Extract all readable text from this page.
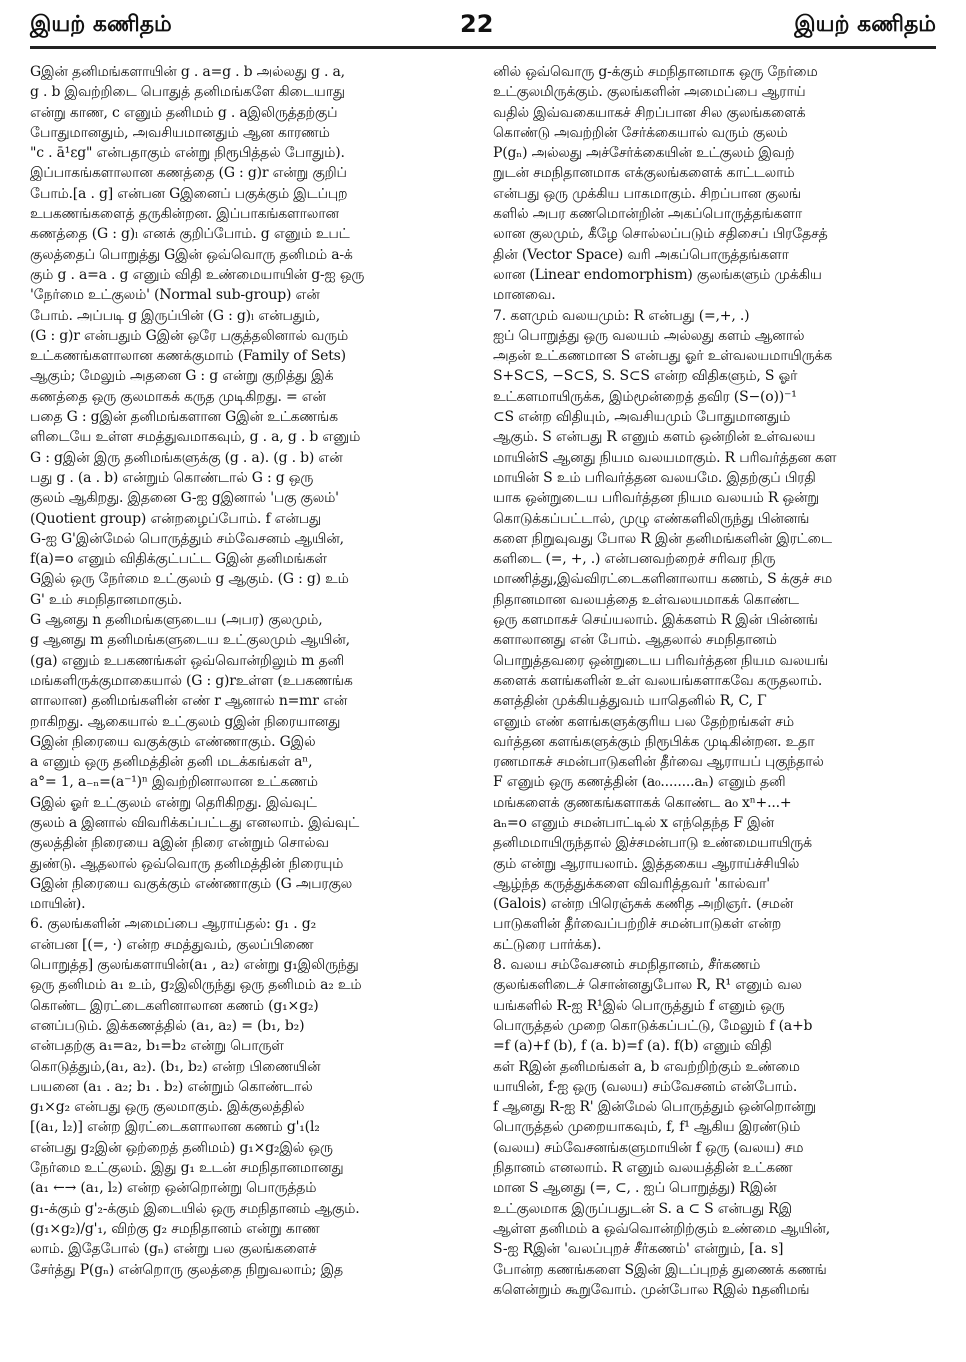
இயற் கணிதம்	22	இயற் கணிதம்
Gஇன் தனிமங்களாயின் g . a=g . b அல்லது g . a,
g . b இவற்றிடை பொதுத் தனிமங்களே கிடையாது
என்று காண, c எனும் தனிமம் g . aஇலிருத்தற்குப்
போதுமானதும், அவசியமானதும் ஆன காரணம்
"c . ā¹εg" என்பதாகும் என்று நிரூபித்தல் போதும்).
இப்பாகங்களாலான கணத்தை (G : g)r என்று குறிப்
போம்.[a . g] என்பன Gஇனைப் பகுக்கும் இடப்புற
உபகணங்களைத் தருகின்றன. இப்பாகங்களாலான
கணத்தை (G : g)ₗ எனக் குறிப்போம். g எனும் உபட்
குலத்தைப் பொறுத்து Gஇன் ஒவ்வொரு தனிமம் a-க்
கும் g . a=a . g எனும் விதி உண்மையாயின் g-ஐ ஒரு
'நேர்மை உட்குலம்' (Normal sub-group) என்
போம். அப்படி g இருப்பின் (G : g)ₗ என்பதும்,
(G : g)r என்பதும் Gஇன் ஒரே பகுத்தலினால் வரும்
உட்கணங்களாலான கணக்குமாம் (Family of Sets)
ஆகும்; மேலும் அதனை G : g என்று குறித்து இக்
கணத்தை ஒரு குலமாகக் கருத முடிகிறது. = என்
பதை G : gஇன் தனிமங்களான Gஇன் உட்கணங்க
ளிடையே உள்ள சமத்துவமாகவும், g . a, g . b எனும்
G : gஇன் இரு தனிமங்களுக்கு (g . a). (g . b) என்
பது g . (a . b) என்றும் கொண்டால் G : g ஒரு
குலம் ஆகிறது. இதனை G-ஐ gஇனால் 'பகு குலம்'
(Quotient group) என்றழைப்போம். f என்பது
G-ஐ G'இன்மேல் பொருத்தும் சம்வேசனம் ஆயின்,
f(a)=o எனும் விதிக்குட்பட்ட Gஇன் தனிமங்கள்
Gஇல் ஒரு நேர்மை உட்குலம் g ஆகும். (G : g) உம்
G' உம் சமநிதானமாகும்.
G ஆனது n தனிமங்களுடைய (அபர) குலமும்,
g ஆனது m தனிமங்களுடைய உட்குலமும் ஆயின்,
(ga) எனும் உபகணங்கள் ஒவ்வொன்றிலும் m தனி
மங்களிருக்குமாகையால் (G : g)rஉள்ள (உபகணங்க
ளாலான) தனிமங்களின் எண் r ஆனால் n=mr என்
றாகிறது. ஆகையால் உட்குலம் gஇன் நிரையானது
Gஇன் நிரையை வகுக்கும் எண்ணாகும். Gஇல்
a எனும் ஒரு தனிமத்தின் தனி மடக்கங்கள் aⁿ,
a°= 1, a₋ₙ=(a⁻¹)ⁿ இவற்றினாலான உட்கணம்
Gஇல் ஓர் உட்குலம் என்று தெரிகிறது. இவ்வுட்
குலம் a இனால் விவரிக்கப்பட்டது எனலாம். இவ்வுட்
குலத்தின் நிரையை aஇன் நிரை என்றும் சொல்வ
துண்டு. ஆதலால் ஒவ்வொரு தனிமத்தின் நிரையும்
Gஇன் நிரையை வகுக்கும் எண்ணாகும் (G அபரகுல
மாயின்).
6. குலங்களின் அமைப்பை ஆராய்தல்: g₁ . g₂
என்பன [(=, ·) என்ற சமத்துவம், குலப்பிணை
பொறுத்த] குலங்களாயின்(a₁ , a₂) என்று g₁இலிருந்து
ஒரு தனிமம் a₁ உம், g₂இலிருந்து ஒரு தனிமம் a₂ உம்
கொண்ட இரட்டைகளினாலான கணம் (g₁×g₂)
எனப்படும். இக்கணத்தில் (a₁, a₂) = (b₁, b₂)
என்பதற்கு a₁=a₂, b₁=b₂ என்று பொருள்
கொடுத்தும்,(a₁, a₂). (b₁, b₂) என்ற பிணையின்
பயனை (a₁ . a₂; b₁ . b₂) என்றும் கொண்டால்
g₁×g₂ என்பது ஒரு குலமாகும். இக்குலத்தில்
[(a₁, l₂)] என்ற இரட்டைகளாலான கணம் g'₁(l₂
என்பது g₂இன் ஒற்றைத் தனிமம்) g₁×g₂இல் ஒரு
நேர்மை உட்குலம். இது g₁ உடன் சமநிதானமானது
(a₁ ←→ (a₁, l₂) என்ற ஒன்றொன்று பொருத்தம்
g₁-க்கும் g'₂-க்கும் இடையில் ஒரு சமநிதானம் ஆகும்.
(g₁×g₂)/g'₁, விற்கு g₂ சமநிதானம் என்று காண
லாம். இதேபோல் (gₙ) என்று பல குலங்களைச்
சேர்த்து P(gₙ) என்றொரு குலத்தை நிறுவலாம்; இத
னில் ஒவ்வொரு g-க்கும் சமநிதானமாக ஒரு நேர்மை
உட்குலமிருக்கும். குலங்களின் அமைப்பை ஆராய்
வதில் இவ்வகையாகச் சிறப்பான சில குலங்களைக்
கொண்டு அவற்றின் சேர்க்கையால் வரும் குலம்
P(gₙ) அல்லது அச்சேர்க்கையின் உட்குலம் இவற்
றுடன் சமநிதானமாக எக்குலங்களைக் காட்டலாம்
என்பது ஒரு முக்கிய பாகமாகும். சிறப்பான குலங்
களில் அபர கணமொன்றின் அகப்பொருத்தங்களா
லான குலமும், கீழே சொல்லப்படும் சதிசைப் பிரதேசத்
தின் (Vector Space) வரி அகப்பொருத்தங்களா
லான (Linear endomorphism) குலங்களும் முக்கிய
மானவை.
7. களமும் வலயமும்: R என்பது (=,+, .)
ஐப் பொறுத்து ஒரு வலயம் அல்லது களம் ஆனால்
அதன் உட்கணமான S என்பது ஓர் உள்வலயமாயிருக்க
S+S⊂S, −S⊂S, S. S⊂S என்ற விதிகளும், S ஓர்
உட்களமாயிருக்க, இம்மூன்றைத் தவிர (S−(o))⁻¹
⊂S என்ற விதியும், அவசியமும் போதுமானதும்
ஆகும். S என்பது R எனும் களம் ஒன்றின் உள்வலய
மாயின்S ஆனது நியம வலயமாகும். R பரிவர்த்தன கள
மாயின் S உம் பரிவர்த்தன வலயமே. இதற்குப் பிரதி
யாக ஒன்றுடைய பரிவர்த்தன நியம வலயம் R ஒன்று
கொடுக்கப்பட்டால், முழு எண்களிலிருந்து பின்னங்
களை நிறுவுவது போல R இன் தனிமங்களின் இரட்டை
களிடை (=, +, .) என்பனவற்றைச் சரிவர நிரு
மாணித்து,இவ்விரட்டைகளினாலாய கணம், S க்குச் சம
நிதானமான வலயத்தை உள்வலயமாகக் கொண்ட
ஒரு களமாகச் செய்யலாம். இக்களம் R இன் பின்னங்
களாலானது என் போம். ஆதலால் சமநிதானம்
பொறுத்தவரை ஒன்றுடைய பரிவர்த்தன நியம வலயங்
களைக் களங்களின் உள் வலயங்களாகவே கருதலாம்.
களத்தின் முக்கியத்துவம் யாதெனில் R, C, Γ
எனும் எண் களங்களுக்குரிய பல தேற்றங்கள் சம்
வர்த்தன களங்களுக்கும் நிரூபிக்க முடிகின்றன. உதா
ரணமாகச் சமன்பாடுகளின் தீர்வை ஆராயப் புகுந்தால்
F எனும் ஒரு கணத்தின் (a₀........aₙ) எனும் தனி
மங்களைக் குணகங்களாகக் கொண்ட a₀ xⁿ+...+
aₙ=o எனும் சமன்பாட்டில் x எந்தெந்த F இன்
தனிமமாயிருந்தால் இச்சமன்பாடு உண்மையாயிருக்
கும் என்று ஆராயலாம். இத்தகைய ஆராய்ச்சியில்
ஆழ்ந்த கருத்துக்களை விவரித்தவர் 'கால்வா'
(Galois) என்ற பிரெஞ்சுக் கணித அறிஞர். (சமன்
பாடுகளின் தீர்வைப்பற்றிச் சமன்பாடுகள் என்ற
கட்டுரை பார்க்க).
8. வலய சம்வேசனம் சமநிதானம், சீர்கணம்
குலங்களிடைச் சொன்னதுபோல R, R¹ எனும் வல
யங்களில் R-ஐ R¹இல் பொருத்தும் f எனும் ஒரு
பொருத்தல் முறை கொடுக்கப்பட்டு, மேலும் f (a+b
=f (a)+f (b), f (a. b)=f (a). f(b) எனும் விதி
கள் Rஇன் தனிமங்கள் a, b எவற்றிற்கும் உண்மை
யாயின், f-ஐ ஒரு (வலய) சம்வேசனம் என்போம்.
f ஆனது R-ஐ R' இன்மேல் பொருத்தும் ஒன்றொன்று
பொருத்தல் முறையாகவும், f, f¹ ஆகிய இரண்டும்
(வலய) சம்வேசனங்களுமாயின் f ஒரு (வலய) சம
நிதானம் எனலாம். R எனும் வலயத்தின் உட்கண
மான S ஆனது (=, ⊂, . ஐப் பொறுத்து) Rஇன்
உட்குலமாக இருப்பதுடன் S. a ⊂ S என்பது Rஇ
ஆள்ள தனிமம் a ஒவ்வொன்றிற்கும் உண்மை ஆயின்,
S-ஐ Rஇன் 'வலப்புறச் சீர்கணம்' என்றும், [a. s]
போன்ற கணங்களை Sஇன் இடப்புறத் துணைக் கணங்
களென்றும் கூறுவோம். முன்போல Rஇல் nதனிமங்
